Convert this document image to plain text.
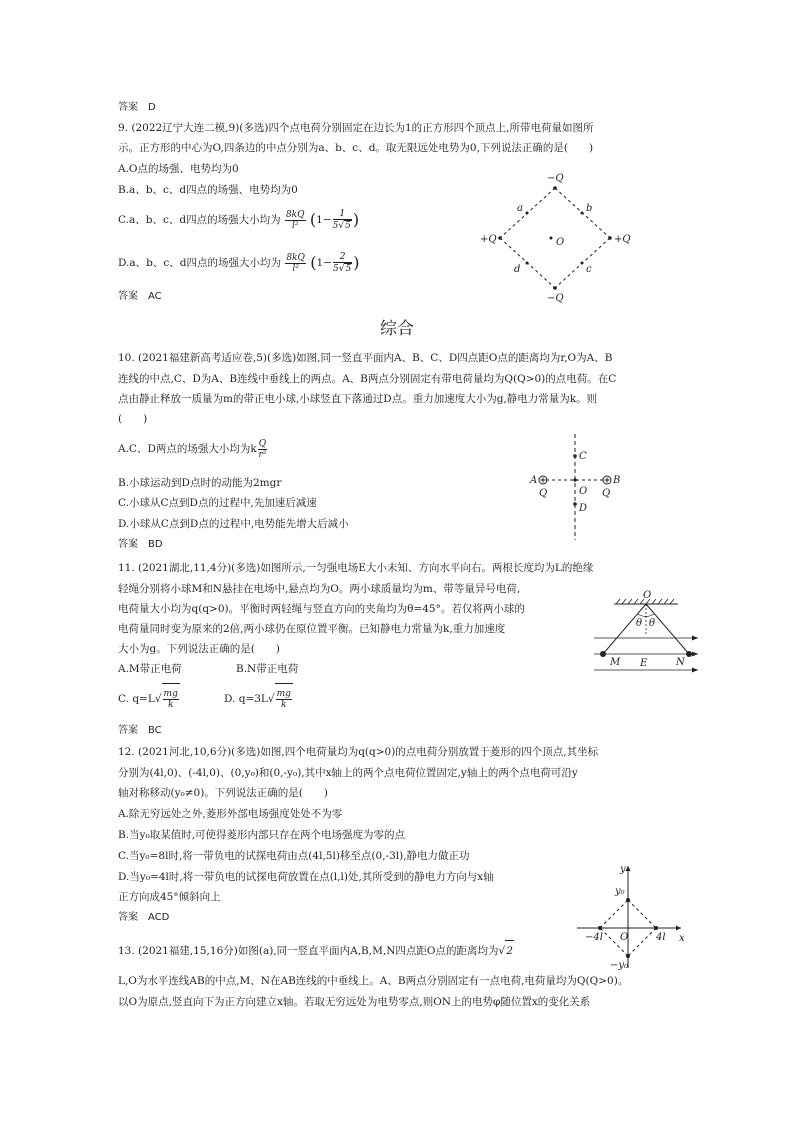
答案　D
9. (2022辽宁大连二模,9)(多选)四个点电荷分别固定在边长为1的正方形四个顶点上,所带电荷量如图所
示。正方形的中心为O,四条边的中点分别为a、b、c、d。取无限远处电势为0,下列说法正确的是(　　)
A.O点的场强、电势均为0
B.a、b、c、d四点的场强、电势均为0
C.a、b、c、d四点的场强大小均为 $\frac{8kQ}{\text{l²}} (1- \frac{1}{5√5}$ )
D.a、b、c、d四点的场强大小均为 $\frac{8kQ}{\text{l²}} (1- \frac{2}{5√5}$ )
答案　AC
−Q
−Q
+Q	+Q
O
a	b
c
d
综合
10. (2021福建新高考适应卷,5)(多选)如图,同一竖直平面内A、B、C、D四点距O点的距离均为r,O为A、B
连线的中点,C、D为A、B连线中垂线上的两点。A、B两点分别固定有带电荷量均为Q(Q>0)的点电荷。在C
点由静止释放一质量为m的带正电小球,小球竖直下落通过D点。重力加速度大小为g,静电力常量为k。则
(　　)
A.C、D两点的场强大小均为k $\frac{Q}{\text{r²}}$
B.小球运动到D点时的动能为2mgr
C.小球从C点到D点的过程中,先加速后减速
D.小球从C点到D点的过程中,电势能先增大后减小
答案　BD
A	B
C
O
D
Q	Q
11. (2021湖北,11,4分)(多选)如图所示,一匀强电场E大小未知、方向水平向右。两根长度均为L的绝缘
轻绳分别将小球M和N悬挂在电场中,悬点均为O。两小球质量均为m、带等量异号电荷,
电荷量大小均为q(q>0)。平衡时两轻绳与竖直方向的夹角均为θ=45°。若仅将两小球的
电荷量同时变为原来的2倍,两小球仍在原位置平衡。已知静电力常量为k,重力加速度
大小为g。下列说法正确的是(　　)
A.M带正电荷	B.N带正电荷
C. $q=L√ \frac{mg}{k}$	D. $q=3L√ \frac{mg}{k}$
答案　BC
O
θ θ
M	N
E
12. (2021河北,10,6分)(多选)如图,四个电荷量均为q(q>0)的点电荷分别放置于菱形的四个顶点,其坐标
分别为(4l,0)、(-4l,0)、(0,y₀)和(0,-y₀),其中x轴上的两个点电荷位置固定,y轴上的两个点电荷可沿y
轴对称移动(y₀≠0)。下列说法正确的是(　　)
A.除无穷远处之外,菱形外部电场强度处处不为零
B.当y₀取某值时,可使得菱形内部只存在两个电场强度为零的点
C.当y₀=8l时,将一带负电的试探电荷由点(4l,5l)移至点(0,-3l),静电力做正功
D.当y₀=4l时,将一带负电的试探电荷放置在点(l,l)处,其所受到的静电力方向与x轴
正方向成45°倾斜向上
答案　ACD
y
x
y₀
−y₀
−4l	4l
O
13. (2021福建,15,16分)如图(a),同一竖直平面内A,B,M,N四点距O点的距离均为√2
L,O为水平连线AB的中点,M、N在AB连线的中垂线上。A、B两点分别固定有一点电荷,电荷量均为Q(Q>0)。
以O为原点,竖直向下为正方向建立x轴。若取无穷远处为电势零点,则ON上的电势φ随位置x的变化关系
